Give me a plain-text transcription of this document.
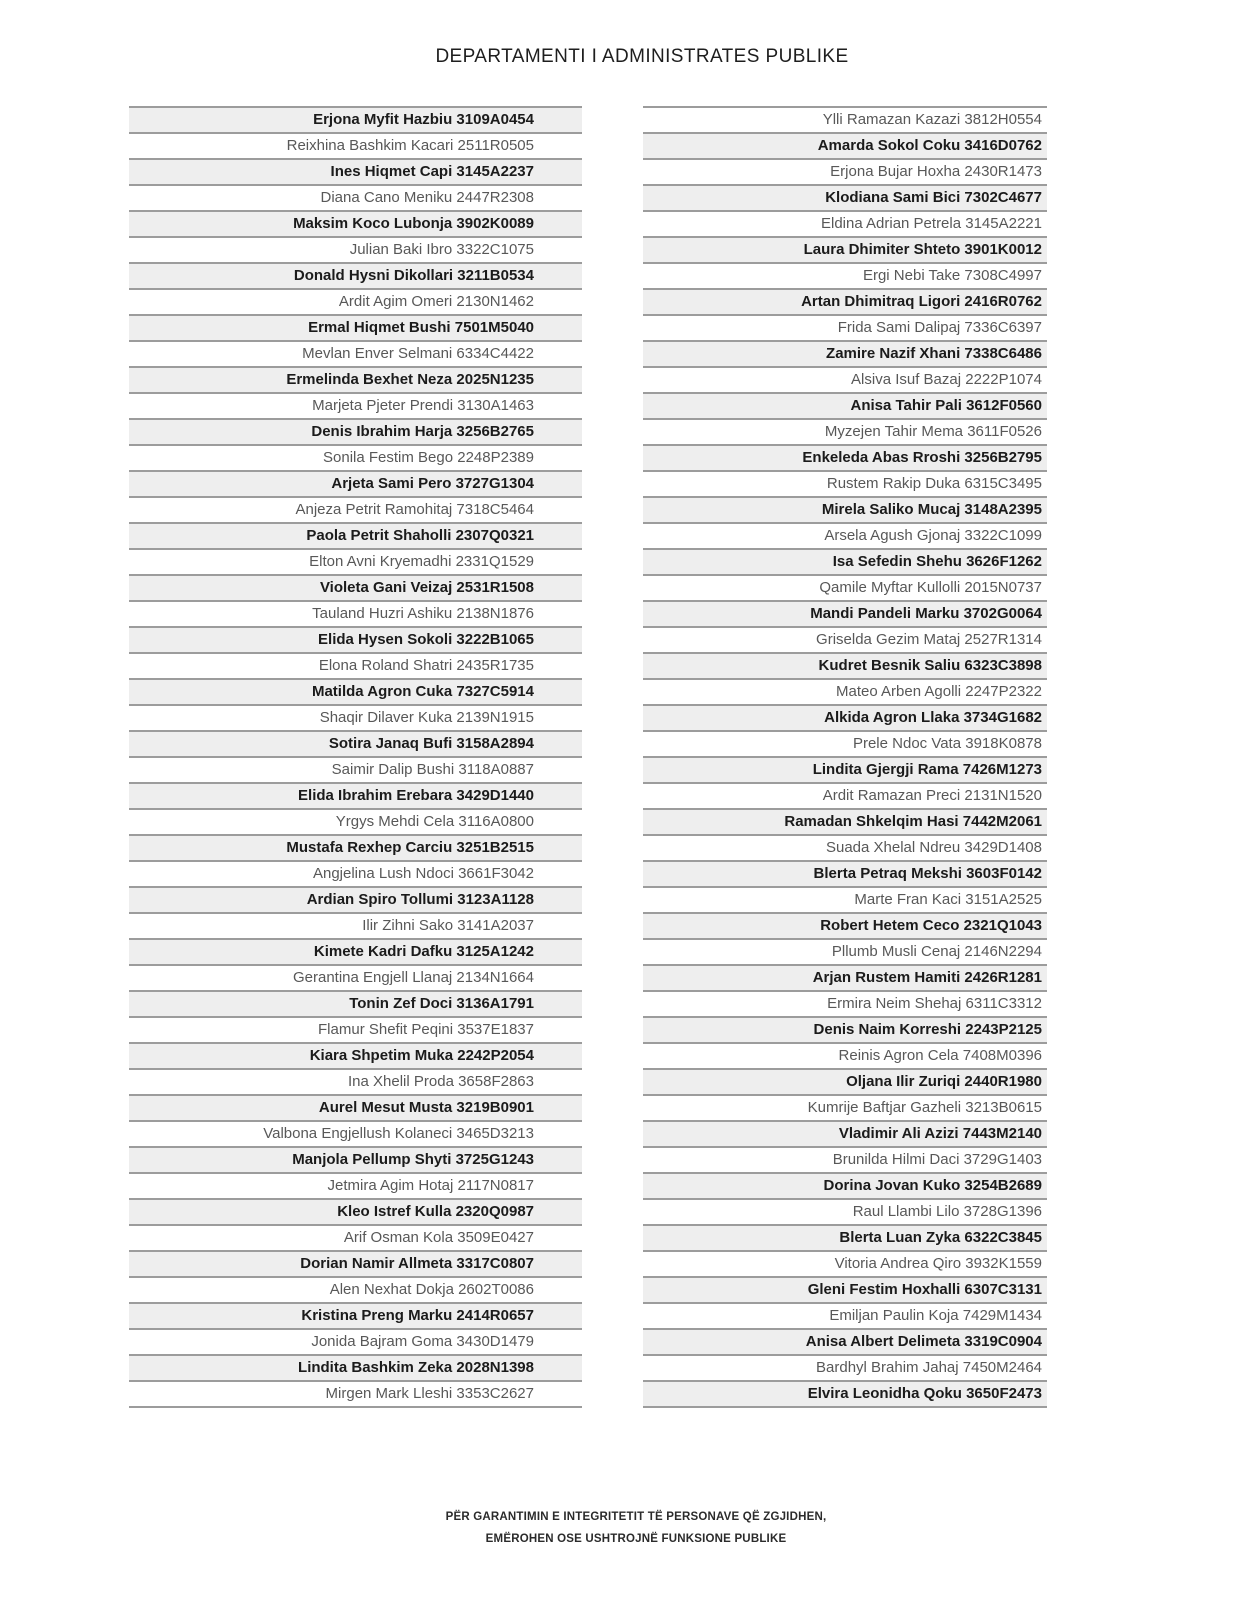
DEPARTAMENTI I ADMINISTRATES PUBLIKE
Erjona Myfit Hazbiu 3109A0454
Reixhina Bashkim Kacari 2511R0505
Ines Hiqmet Capi 3145A2237
Diana Cano Meniku 2447R2308
Maksim Koco Lubonja 3902K0089
Julian Baki Ibro 3322C1075
Donald Hysni Dikollari 3211B0534
Ardit Agim Omeri 2130N1462
Ermal Hiqmet Bushi 7501M5040
Mevlan Enver Selmani 6334C4422
Ermelinda Bexhet Neza 2025N1235
Marjeta Pjeter Prendi 3130A1463
Denis Ibrahim Harja 3256B2765
Sonila Festim Bego 2248P2389
Arjeta Sami Pero 3727G1304
Anjeza Petrit Ramohitaj 7318C5464
Paola Petrit Shaholli 2307Q0321
Elton Avni Kryemadhi 2331Q1529
Violeta Gani Veizaj 2531R1508
Tauland Huzri Ashiku 2138N1876
Elida Hysen Sokoli 3222B1065
Elona Roland Shatri 2435R1735
Matilda Agron Cuka 7327C5914
Shaqir Dilaver Kuka 2139N1915
Sotira Janaq Bufi 3158A2894
Saimir Dalip Bushi 3118A0887
Elida Ibrahim Erebara 3429D1440
Yrgys Mehdi Cela 3116A0800
Mustafa Rexhep Carciu 3251B2515
Angjelina Lush Ndoci 3661F3042
Ardian Spiro Tollumi 3123A1128
Ilir Zihni Sako 3141A2037
Kimete Kadri Dafku 3125A1242
Gerantina Engjell Llanaj 2134N1664
Tonin Zef Doci 3136A1791
Flamur Shefit Peqini 3537E1837
Kiara Shpetim Muka 2242P2054
Ina Xhelil Proda 3658F2863
Aurel Mesut Musta 3219B0901
Valbona Engjellush Kolaneci 3465D3213
Manjola Pellump Shyti 3725G1243
Jetmira Agim Hotaj 2117N0817
Kleo Istref Kulla 2320Q0987
Arif Osman Kola 3509E0427
Dorian Namir Allmeta 3317C0807
Alen Nexhat Dokja 2602T0086
Kristina Preng Marku 2414R0657
Jonida Bajram Goma 3430D1479
Lindita Bashkim Zeka 2028N1398
Mirgen Mark Lleshi 3353C2627
Ylli Ramazan Kazazi 3812H0554
Amarda Sokol Coku 3416D0762
Erjona Bujar Hoxha 2430R1473
Klodiana Sami Bici 7302C4677
Eldina Adrian Petrela 3145A2221
Laura Dhimiter Shteto 3901K0012
Ergi Nebi Take 7308C4997
Artan Dhimitraq Ligori 2416R0762
Frida Sami Dalipaj 7336C6397
Zamire Nazif Xhani 7338C6486
Alsiva Isuf Bazaj 2222P1074
Anisa Tahir Pali 3612F0560
Myzejen Tahir Mema 3611F0526
Enkeleda Abas Rroshi 3256B2795
Rustem Rakip Duka 6315C3495
Mirela Saliko Mucaj 3148A2395
Arsela Agush Gjonaj 3322C1099
Isa Sefedin Shehu 3626F1262
Qamile Myftar Kullolli 2015N0737
Mandi Pandeli Marku 3702G0064
Griselda Gezim Mataj 2527R1314
Kudret Besnik Saliu 6323C3898
Mateo Arben Agolli 2247P2322
Alkida Agron Llaka 3734G1682
Prele Ndoc Vata 3918K0878
Lindita Gjergji Rama 7426M1273
Ardit Ramazan Preci 2131N1520
Ramadan Shkelqim Hasi 7442M2061
Suada Xhelal Ndreu 3429D1408
Blerta Petraq Mekshi 3603F0142
Marte Fran Kaci 3151A2525
Robert Hetem Ceco 2321Q1043
Pllumb Musli Cenaj 2146N2294
Arjan Rustem Hamiti 2426R1281
Ermira Neim Shehaj 6311C3312
Denis Naim Korreshi 2243P2125
Reinis Agron Cela 7408M0396
Oljana Ilir Zuriqi 2440R1980
Kumrije Baftjar Gazheli 3213B0615
Vladimir Ali Azizi 7443M2140
Brunilda Hilmi Daci 3729G1403
Dorina Jovan Kuko 3254B2689
Raul Llambi Lilo 3728G1396
Blerta Luan Zyka 6322C3845
Vitoria Andrea Qiro 3932K1559
Gleni Festim Hoxhalli 6307C3131
Emiljan Paulin Koja 7429M1434
Anisa Albert Delimeta 3319C0904
Bardhyl Brahim Jahaj 7450M2464
Elvira Leonidha Qoku 3650F2473
PËR GARANTIMIN E INTEGRITETIT TË PERSONAVE QË ZGJIDHEN,
EMËROHEN OSE USHTROJNË FUNKSIONE PUBLIKE
